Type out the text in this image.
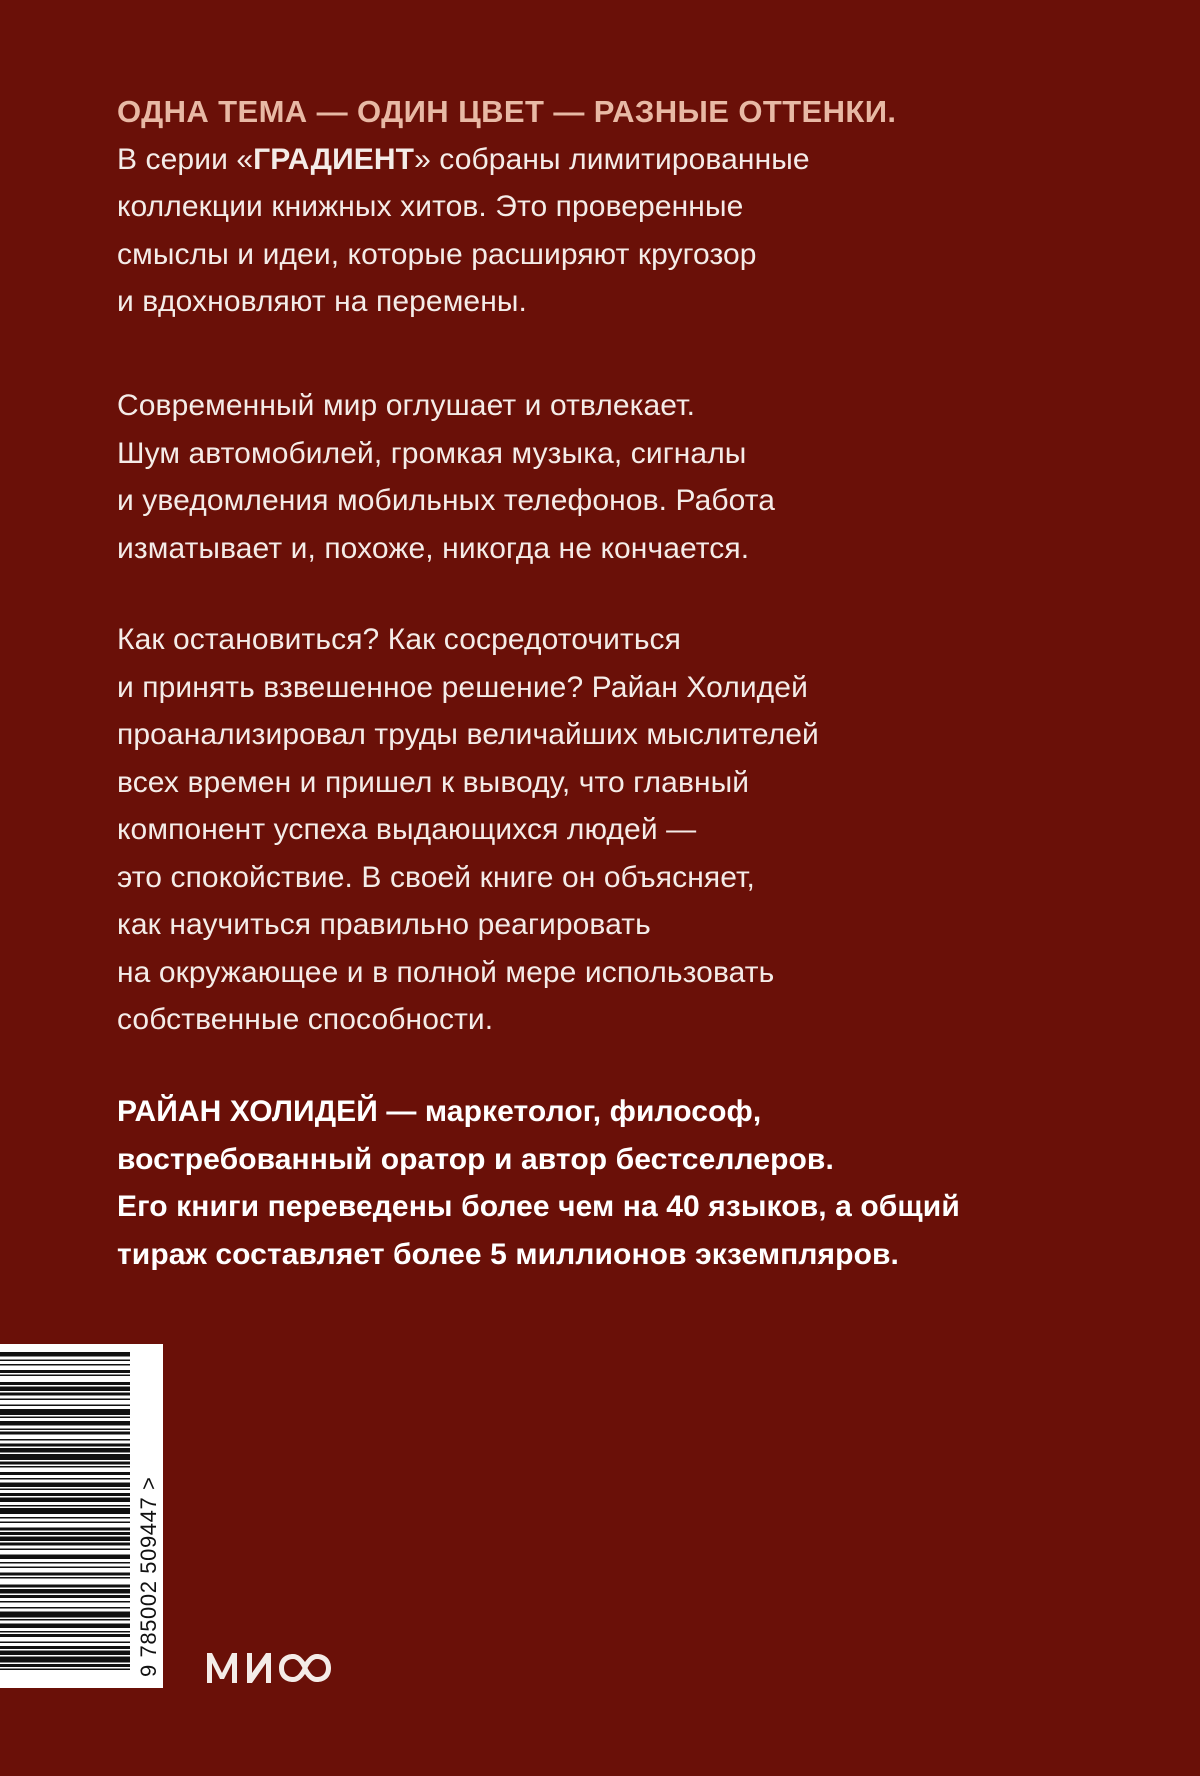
ОДНА ТЕМА — ОДИН ЦВЕТ — РАЗНЫЕ ОТТЕНКИ.
В серии «ГРАДИЕНТ» собраны лимитированные
коллекции книжных хитов. Это проверенные
смыслы и идеи, которые расширяют кругозор
и вдохновляют на перемены.
Современный мир оглушает и отвлекает.
Шум автомобилей, громкая музыка, сигналы
и уведомления мобильных телефонов. Работа
изматывает и, похоже, никогда не кончается.
Как остановиться? Как сосредоточиться
и принять взвешенное решение? Райан Холидей
проанализировал труды величайших мыслителей
всех времен и пришел к выводу, что главный
компонент успеха выдающихся людей —
это спокойствие. В своей книге он объясняет,
как научиться правильно реагировать
на окружающее и в полной мере использовать
собственные способности.
РАЙАН ХОЛИДЕЙ — маркетолог, философ,
востребованный оратор и автор бестселлеров.
Его книги переведены более чем на 40 языков, а общий
тираж составляет более 5 миллионов экземпляров.
9 785002 509447 >
